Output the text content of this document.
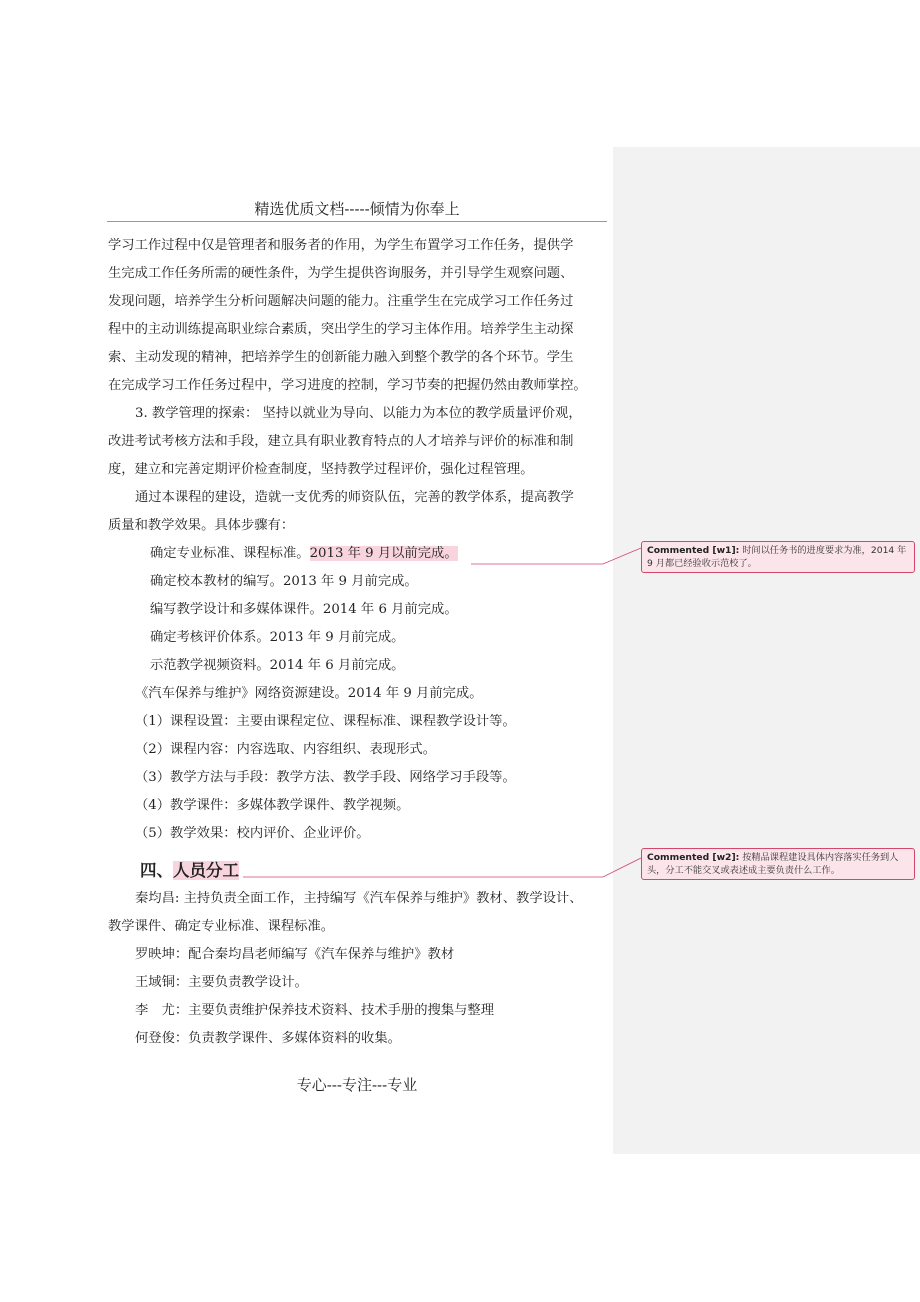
精选优质文档-----倾情为你奉上
学习工作过程中仅是管理者和服务者的作用，为学生布置学习工作任务，提供学
生完成工作任务所需的硬性条件，为学生提供咨询服务，并引导学生观察问题、
发现问题，培养学生分析问题解决问题的能力。注重学生在完成学习工作任务过
程中的主动训练提高职业综合素质，突出学生的学习主体作用。培养学生主动探
索、主动发现的精神，把培养学生的创新能力融入到整个教学的各个环节。学生
在完成学习工作任务过程中，学习进度的控制，学习节奏的把握仍然由教师掌控。
3. 教学管理的探索： 坚持以就业为导向、以能力为本位的教学质量评价观，
改进考试考核方法和手段，建立具有职业教育特点的人才培养与评价的标准和制
度，建立和完善定期评价检查制度，坚持教学过程评价，强化过程管理。
通过本课程的建设，造就一支优秀的师资队伍，完善的教学体系，提高教学
质量和教学效果。具体步骤有：
确定专业标准、课程标准。2013 年 9 月以前完成。
确定校本教材的编写。2013 年 9 月前完成。
编写教学设计和多媒体课件。2014 年 6 月前完成。
确定考核评价体系。2013 年 9 月前完成。
示范教学视频资料。2014 年 6 月前完成。
《汽车保养与维护》网络资源建设。2014 年 9 月前完成。
（1）课程设置：主要由课程定位、课程标准、课程教学设计等。
（2）课程内容：内容选取、内容组织、表现形式。
（3）教学方法与手段：教学方法、教学手段、网络学习手段等。
（4）教学课件：多媒体教学课件、教学视频。
（5）教学效果：校内评价、企业评价。
四、人员分工
秦均昌: 主持负责全面工作，主持编写《汽车保养与维护》教材、教学设计、
教学课件、确定专业标准、课程标准。
罗映坤：配合秦均昌老师编写《汽车保养与维护》教材
王域铜：主要负责教学设计。
李　尤：主要负责维护保养技术资料、技术手册的搜集与整理
何登俊：负责教学课件、多媒体资料的收集。
专心---专注---专业
Commented [w1]: 时间以任务书的进度要求为准，2014 年 9 月都已经验收示范校了。
Commented [w2]: 按精品课程建设具体内容落实任务到人头，分工不能交叉或表述成主要负责什么工作。
